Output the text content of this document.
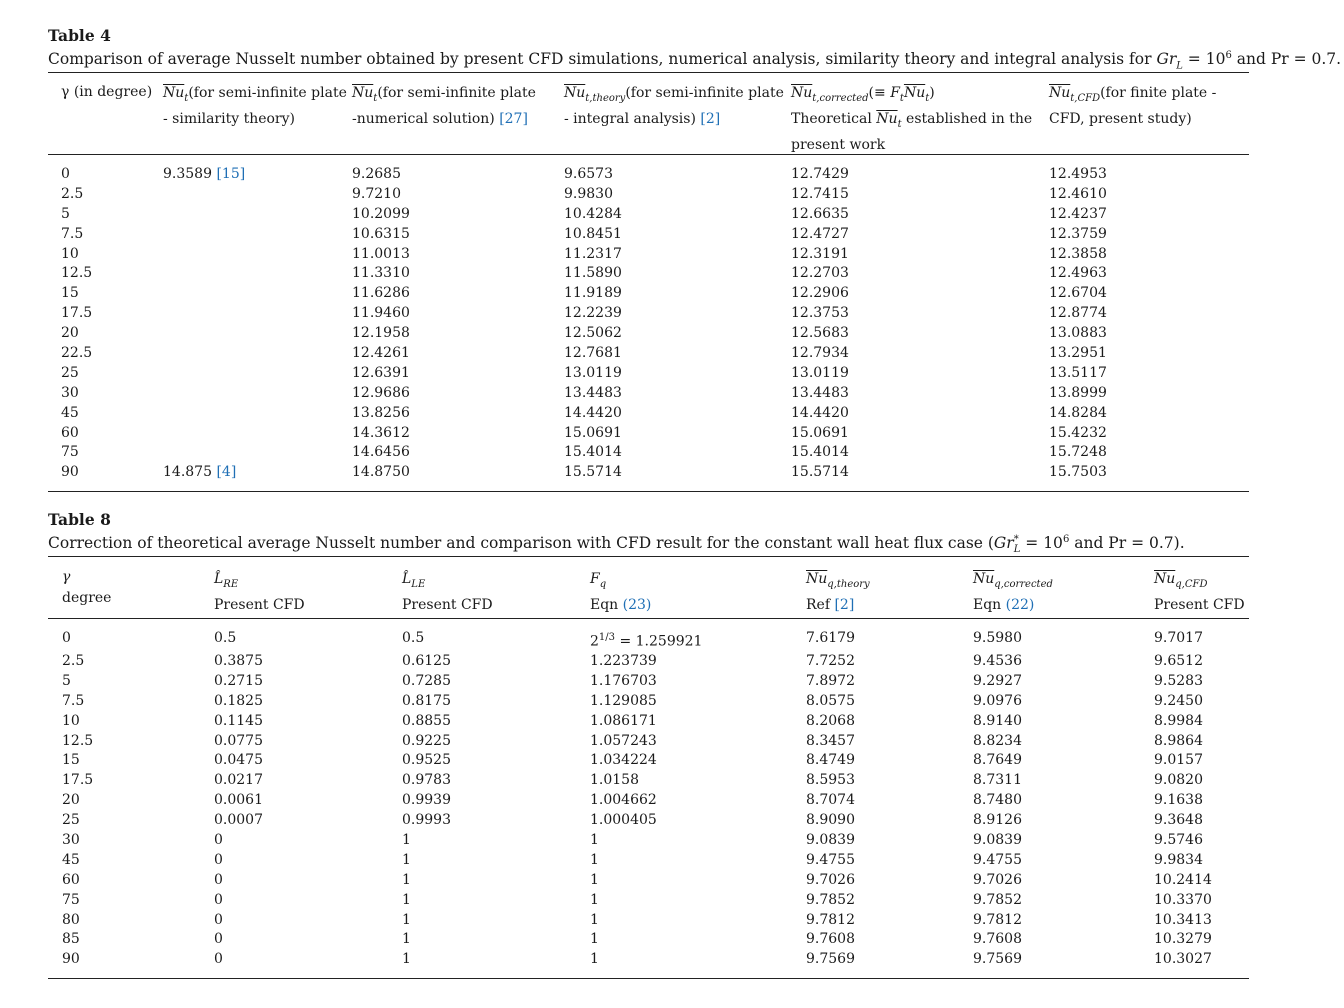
Table 4
Comparison of average Nusselt number obtained by present CFD simulations, numerical analysis, similarity theory and integral analysis for $Gr_L = 10^6$ and Pr = 0.7.
γ (in degree) $\overline{Nu}_t(for$ semi-infinite plate
- similarity theory)
$\overline{Nu}_t(for$ semi-infinite plate
-numerical solution) [27]
$\overline{Nu}_{t,theory}(for$ semi-infinite plate
- integral analysis) [2]
$\overline{Nu}_{t,corrected}(\equiv F_t\overline{Nu}_t)$
Theoretical $\overline{Nu}_t$ established in the
present work
$\overline{Nu}_{t,CFD}(for$ finite plate -
CFD, present study)
0
2.5
5
7.5
10
12.5
15
17.5
20
22.5
25
30
45
60
75
90
9.3589 [15]
14.875 [4]
9.2685
9.7210
10.2099
10.6315
11.0013
11.3310
11.6286
11.9460
12.1958
12.4261
12.6391
12.9686
13.8256
14.3612
14.6456
14.8750
9.6573
9.9830
10.4284
10.8451
11.2317
11.5890
11.9189
12.2239
12.5062
12.7681
13.0119
13.4483
14.4420
15.0691
15.4014
15.5714
12.7429
12.7415
12.6635
12.4727
12.3191
12.2703
12.2906
12.3753
12.5683
12.7934
13.0119
13.4483
14.4420
15.0691
15.4014
15.5714
12.4953
12.4610
12.4237
12.3759
12.3858
12.4963
12.6704
12.8774
13.0883
13.2951
13.5117
13.8999
14.8284
15.4232
15.7248
15.7503
Table 8
Correction of theoretical average Nusselt number and comparison with CFD result for the constant wall heat flux case ($Gr^*_L = 10^6$ and Pr = 0.7).
γ
degree
$L̂_{RE}$
Present CFD
$L̂_{LE}$
Present CFD
$F_q$
Eqn (23)
$\overline{Nu}_{q,theory}$
Ref [2]
$\overline{Nu}_{q,corrected}$
Eqn (22)
$\overline{Nu}_{q,CFD}$
Present CFD
0
2.5
5
7.5
10
12.5
15
17.5
20
25
30
45
60
75
80
85
90
0.5
0.3875
0.2715
0.1825
0.1145
0.0775
0.0475
0.0217
0.0061
0.0007
0
0
0
0
0
0
0
0.5
0.6125
0.7285
0.8175
0.8855
0.9225
0.9525
0.9783
0.9939
0.9993
1
1
1
1
1
1
1
$2^{1/3} = 1.259921$
1.223739
1.176703
1.129085
1.086171
1.057243
1.034224
1.0158
1.004662
1.000405
1
1
1
1
1
1
1
7.6179
7.7252
7.8972
8.0575
8.2068
8.3457
8.4749
8.5953
8.7074
8.9090
9.0839
9.4755
9.7026
9.7852
9.7812
9.7608
9.7569
9.5980
9.4536
9.2927
9.0976
8.9140
8.8234
8.7649
8.7311
8.7480
8.9126
9.0839
9.4755
9.7026
9.7852
9.7812
9.7608
9.7569
9.7017
9.6512
9.5283
9.2450
8.9984
8.9864
9.0157
9.0820
9.1638
9.3648
9.5746
9.9834
10.2414
10.3370
10.3413
10.3279
10.3027
